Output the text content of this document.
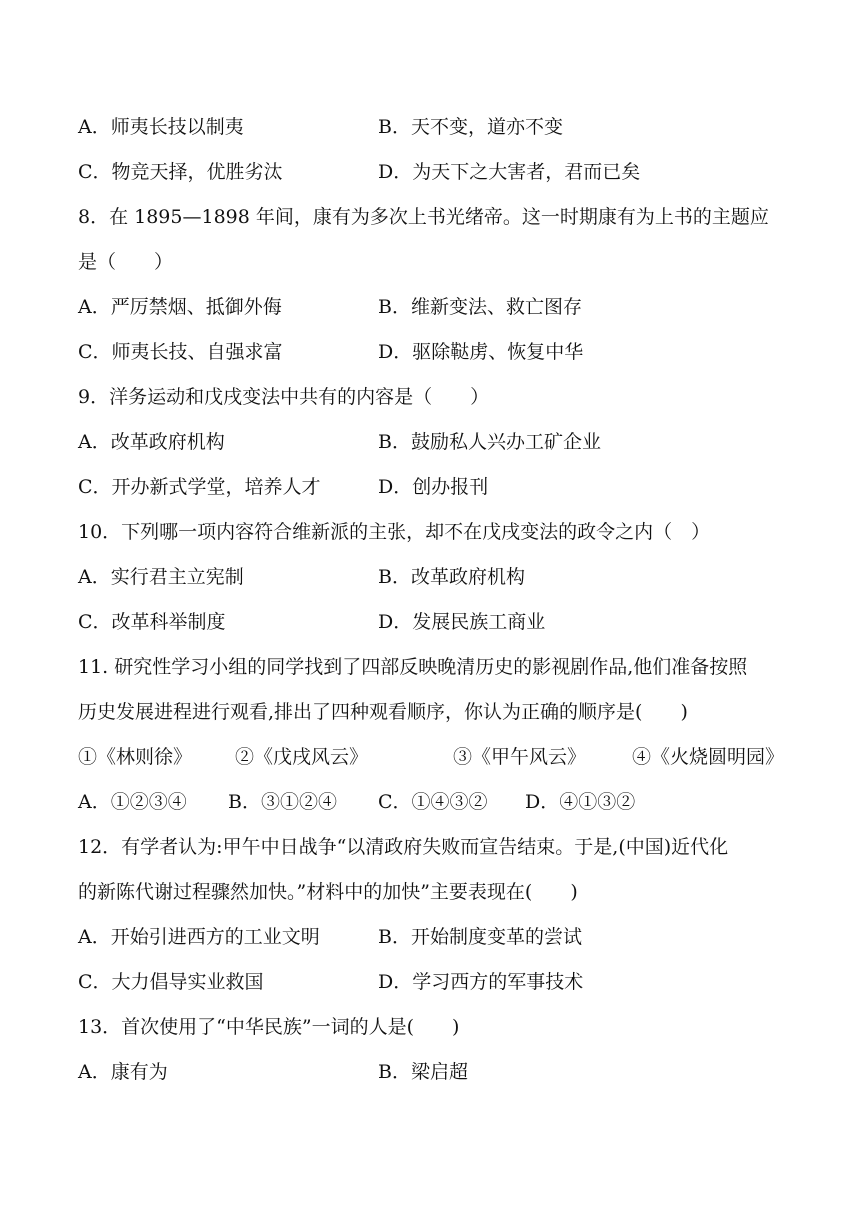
A．师夷长技以制夷	B．天不变，道亦不变
C．物竞天择，优胜劣汰	D．为天下之大害者，君而已矣
8．在 1895—1898 年间，康有为多次上书光绪帝。这一时期康有为上书的主题应
是（　　）
A．严厉禁烟、抵御外侮	B．维新变法、救亡图存
C．师夷长技、自强求富	D．驱除鞑虏、恢复中华
9．洋务运动和戊戌变法中共有的内容是（　　）
A．改革政府机构	B．鼓励私人兴办工矿企业
C．开办新式学堂，培养人才	D．创办报刊
10．下列哪一项内容符合维新派的主张，却不在戊戌变法的政令之内（　）
A．实行君主立宪制	B．改革政府机构
C．改革科举制度	D．发展民族工商业
11. 研究性学习小组的同学找到了四部反映晚清历史的影视剧作品,他们准备按照
历史发展进程进行观看,排出了四种观看顺序，你认为正确的顺序是(　　)
①《林则徐》 ②《戊戌风云》	③《甲午风云》 ④《火烧圆明园》
A．①②③④ B．③①②④ C．①④③② D．④①③②
12．有学者认为:甲午中日战争“以清政府失败而宣告结束。于是,(中国)近代化
的新陈代谢过程骤然加快。”材料中的加快”主要表现在(　　)
A．开始引进西方的工业文明	B．开始制度变革的尝试
C．大力倡导实业救国	D．学习西方的军事技术
13．首次使用了“中华民族”一词的人是(　　)
A．康有为	B．梁启超
